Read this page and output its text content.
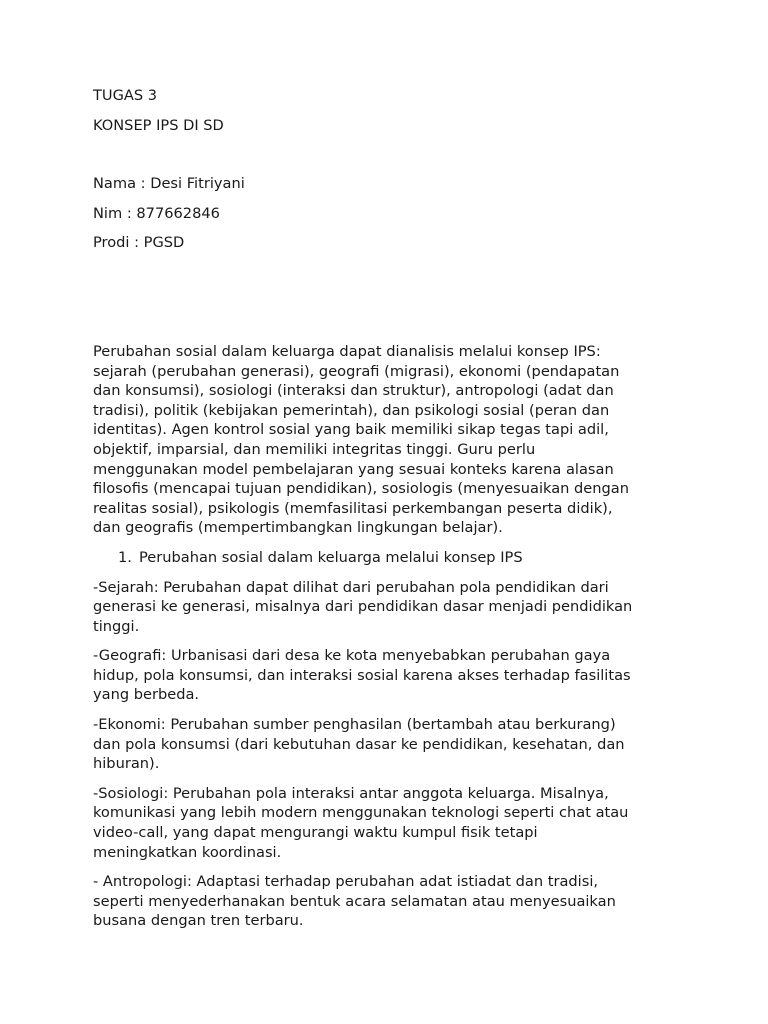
TUGAS 3
KONSEP IPS DI SD
Nama : Desi Fitriyani
Nim : 877662846
Prodi : PGSD
Perubahan sosial dalam keluarga dapat dianalisis melalui konsep IPS:
sejarah (perubahan generasi), geografi (migrasi), ekonomi (pendapatan
dan konsumsi), sosiologi (interaksi dan struktur), antropologi (adat dan
tradisi), politik (kebijakan pemerintah), dan psikologi sosial (peran dan
identitas). Agen kontrol sosial yang baik memiliki sikap tegas tapi adil,
objektif, imparsial, dan memiliki integritas tinggi. Guru perlu
menggunakan model pembelajaran yang sesuai konteks karena alasan
filosofis (mencapai tujuan pendidikan), sosiologis (menyesuaikan dengan
realitas sosial), psikologis (memfasilitasi perkembangan peserta didik),
dan geografis (mempertimbangkan lingkungan belajar).
1. Perubahan sosial dalam keluarga melalui konsep IPS
-Sejarah: Perubahan dapat dilihat dari perubahan pola pendidikan dari
generasi ke generasi, misalnya dari pendidikan dasar menjadi pendidikan
tinggi.
-Geografi: Urbanisasi dari desa ke kota menyebabkan perubahan gaya
hidup, pola konsumsi, dan interaksi sosial karena akses terhadap fasilitas
yang berbeda.
-Ekonomi: Perubahan sumber penghasilan (bertambah atau berkurang)
dan pola konsumsi (dari kebutuhan dasar ke pendidikan, kesehatan, dan
hiburan).
-Sosiologi: Perubahan pola interaksi antar anggota keluarga. Misalnya,
komunikasi yang lebih modern menggunakan teknologi seperti chat atau
video-call, yang dapat mengurangi waktu kumpul fisik tetapi
meningkatkan koordinasi.
- Antropologi: Adaptasi terhadap perubahan adat istiadat dan tradisi,
seperti menyederhanakan bentuk acara selamatan atau menyesuaikan
busana dengan tren terbaru.
